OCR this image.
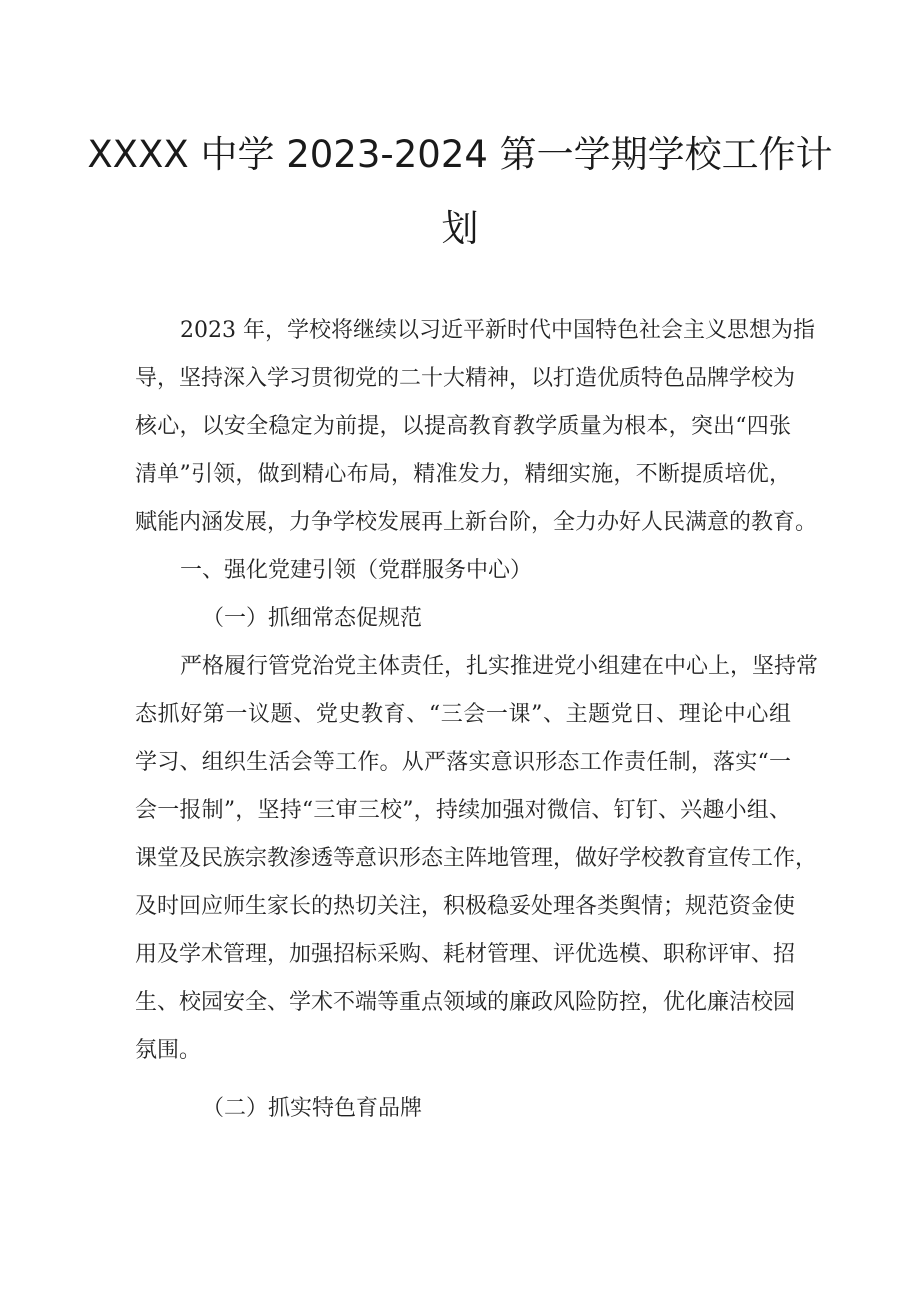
XXXX 中学 2023-2024 第一学期学校工作计
划

2023 年，学校将继续以习近平新时代中国特色社会主义思想为指

导，坚持深入学习贯彻党的二十大精神，以打造优质特色品牌学校为

核心，以安全稳定为前提，以提高教育教学质量为根本，突出“四张

清单”引领，做到精心布局，精准发力，精细实施，不断提质培优，

赋能内涵发展，力争学校发展再上新台阶，全力办好人民满意的教育。

一、强化党建引领（党群服务中心）

（一）抓细常态促规范

严格履行管党治党主体责任，扎实推进党小组建在中心上，坚持常

态抓好第一议题、党史教育、“三会一课”、主题党日、理论中心组

学习、组织生活会等工作。从严落实意识形态工作责任制，落实“一

会一报制”，坚持“三审三校”，持续加强对微信、钉钉、兴趣小组、

课堂及民族宗教渗透等意识形态主阵地管理，做好学校教育宣传工作，

及时回应师生家长的热切关注，积极稳妥处理各类舆情；规范资金使

用及学术管理，加强招标采购、耗材管理、评优选模、职称评审、招

生、校园安全、学术不端等重点领域的廉政风险防控，优化廉洁校园

氛围。

（二）抓实特色育品牌
